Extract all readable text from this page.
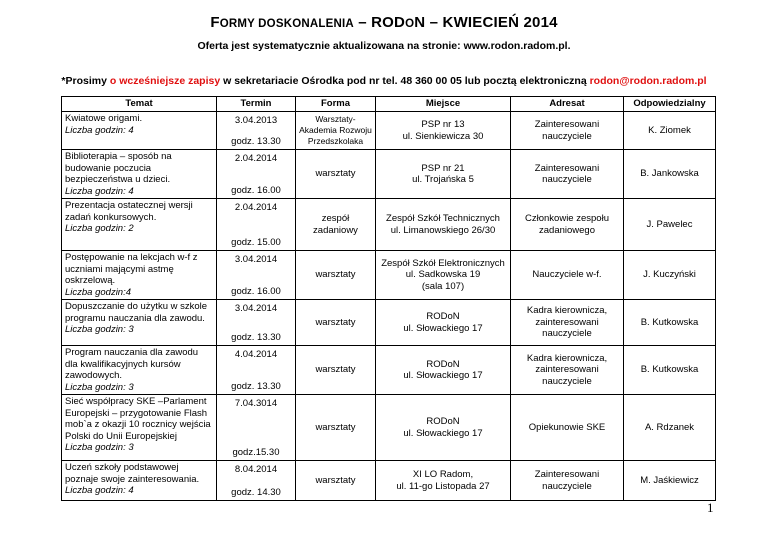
FORMY DOSKONALENIA – RODON – KWIECIEŃ 2014
Oferta jest systematycznie aktualizowana na stronie: www.rodon.radom.pl.
*Prosimy o wcześniejsze zapisy w sekretariacie Ośrodka pod nr tel. 48 360 00 05 lub pocztą elektroniczną rodon@rodon.radom.pl
Temat	Termin	Forma	Miejsce	Adresat	Odpowiedzialny

Kwiatowe origami.
Liczba godzin: 4	3.04.2013
godz. 13.30	Warsztaty-Akademia Rozwoju Przedszkolaka	PSP nr 13
ul. Sienkiewicza 30	Zainteresowani nauczyciele	K. Ziomek

Biblioterapia – sposób na budowanie poczucia bezpieczeństwa u dzieci.
Liczba godzin: 4	2.04.2014
godz. 16.00	warsztaty	PSP nr 21
ul. Trojańska 5	Zainteresowani nauczyciele	B. Jankowska

Prezentacja ostatecznej wersji zadań konkursowych.
Liczba godzin: 2	2.04.2014
godz. 15.00	zespół zadaniowy	Zespół Szkół Technicznych
ul. Limanowskiego 26/30	Członkowie zespołu zadaniowego	J. Pawelec

Postępowanie na lekcjach w-f z uczniami mającymi astmę oskrzelową.
Liczba godzin:4	3.04.2014
godz. 16.00	warsztaty	Zespół Szkół Elektronicznych
ul. Sadkowska 19
(sala 107)	Nauczyciele w-f.	J. Kuczyński

Dopuszczanie do użytku w szkole programu nauczania dla zawodu.
Liczba godzin: 3	3.04.2014
godz. 13.30	warsztaty	RODoN
ul. Słowackiego 17	Kadra kierownicza, zainteresowani nauczyciele	B. Kutkowska

Program nauczania dla zawodu dla kwalifikacyjnych kursów zawodowych.
Liczba godzin: 3	4.04.2014
godz. 13.30	warsztaty	RODoN
ul. Słowackiego 17	Kadra kierownicza, zainteresowani nauczyciele	B. Kutkowska

Sieć współpracy SKE –Parlament Europejski – przygotowanie Flash mob`a z okazji 10 rocznicy wejścia Polski do Unii Europejskiej
Liczba godzin: 3	7.04.3014
godz.15.30	warsztaty	RODoN
ul. Słowackiego 17	Opiekunowie SKE	A. Rdzanek

Uczeń szkoły podstawowej poznaje swoje zainteresowania.
Liczba godzin: 4	8.04.2014
godz. 14.30	warsztaty	XI LO Radom,
ul. 11-go Listopada 27	Zainteresowani nauczyciele	M. Jaśkiewicz
1
